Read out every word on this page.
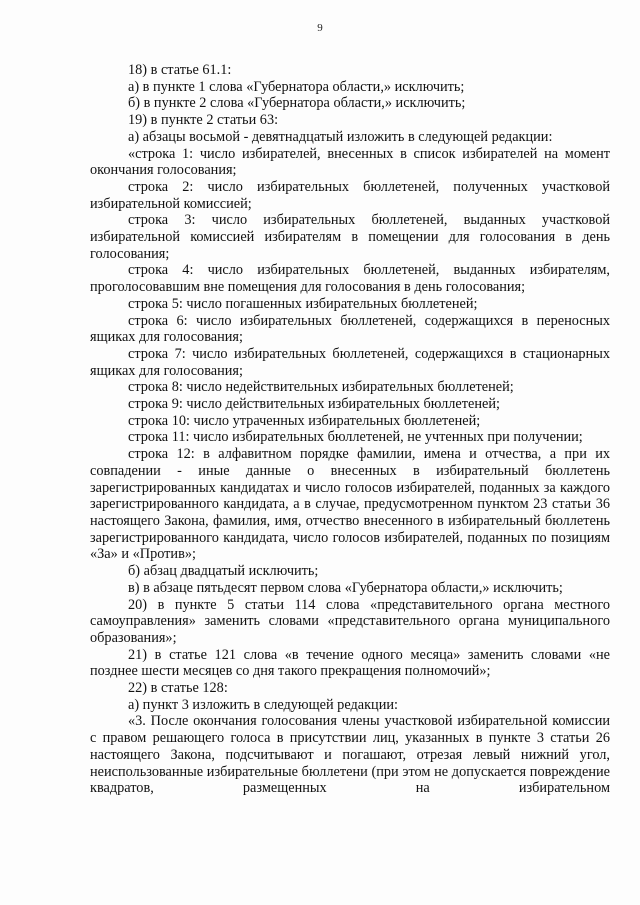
9

18) в статье 61.1:

а) в пункте 1 слова «Губернатора области,» исключить;

б) в пункте 2 слова «Губернатора области,» исключить;

19) в пункте 2 статьи 63:

а) абзацы восьмой - девятнадцатый изложить в следующей редакции:

«строка 1: число избирателей, внесенных в список избирателей на момент окончания голосования;

строка 2: число избирательных бюллетеней, полученных участковой избирательной комиссией;

строка 3: число избирательных бюллетеней, выданных участковой избирательной комиссией избирателям в помещении для голосования в день голосования;

строка 4: число избирательных бюллетеней, выданных избирателям, проголосовавшим вне помещения для голосования в день голосования;

строка 5: число погашенных избирательных бюллетеней;

строка 6: число избирательных бюллетеней, содержащихся в переносных ящиках для голосования;

строка 7: число избирательных бюллетеней, содержащихся в стационарных ящиках для голосования;

строка 8: число недействительных избирательных бюллетеней;

строка 9: число действительных избирательных бюллетеней;

строка 10: число утраченных избирательных бюллетеней;

строка 11: число избирательных бюллетеней, не учтенных при получении;

строка 12: в алфавитном порядке фамилии, имена и отчества, а при их совпадении - иные данные о внесенных в избирательный бюллетень зарегистрированных кандидатах и число голосов избирателей, поданных за каждого зарегистрированного кандидата, а в случае, предусмотренном пунктом 23 статьи 36 настоящего Закона, фамилия, имя, отчество внесенного в избирательный бюллетень зарегистрированного кандидата, число голосов избирателей, поданных по позициям «За» и «Против»;

б) абзац двадцатый исключить;

в) в абзаце пятьдесят первом слова «Губернатора области,» исключить;

20) в пункте 5 статьи 114 слова «представительного органа местного самоуправления» заменить словами «представительного органа муниципального образования»;

21) в статье 121 слова «в течение одного месяца» заменить словами «не позднее шести месяцев со дня такого прекращения полномочий»;

22) в статье 128:

а) пункт 3 изложить в следующей редакции:

«3. После окончания голосования члены участковой избирательной комиссии с правом решающего голоса в присутствии лиц, указанных в пункте 3 статьи 26 настоящего Закона, подсчитывают и погашают, отрезая левый нижний угол, неиспользованные избирательные бюллетени (при этом не допускается повреждение квадратов, размещенных на избирательном
